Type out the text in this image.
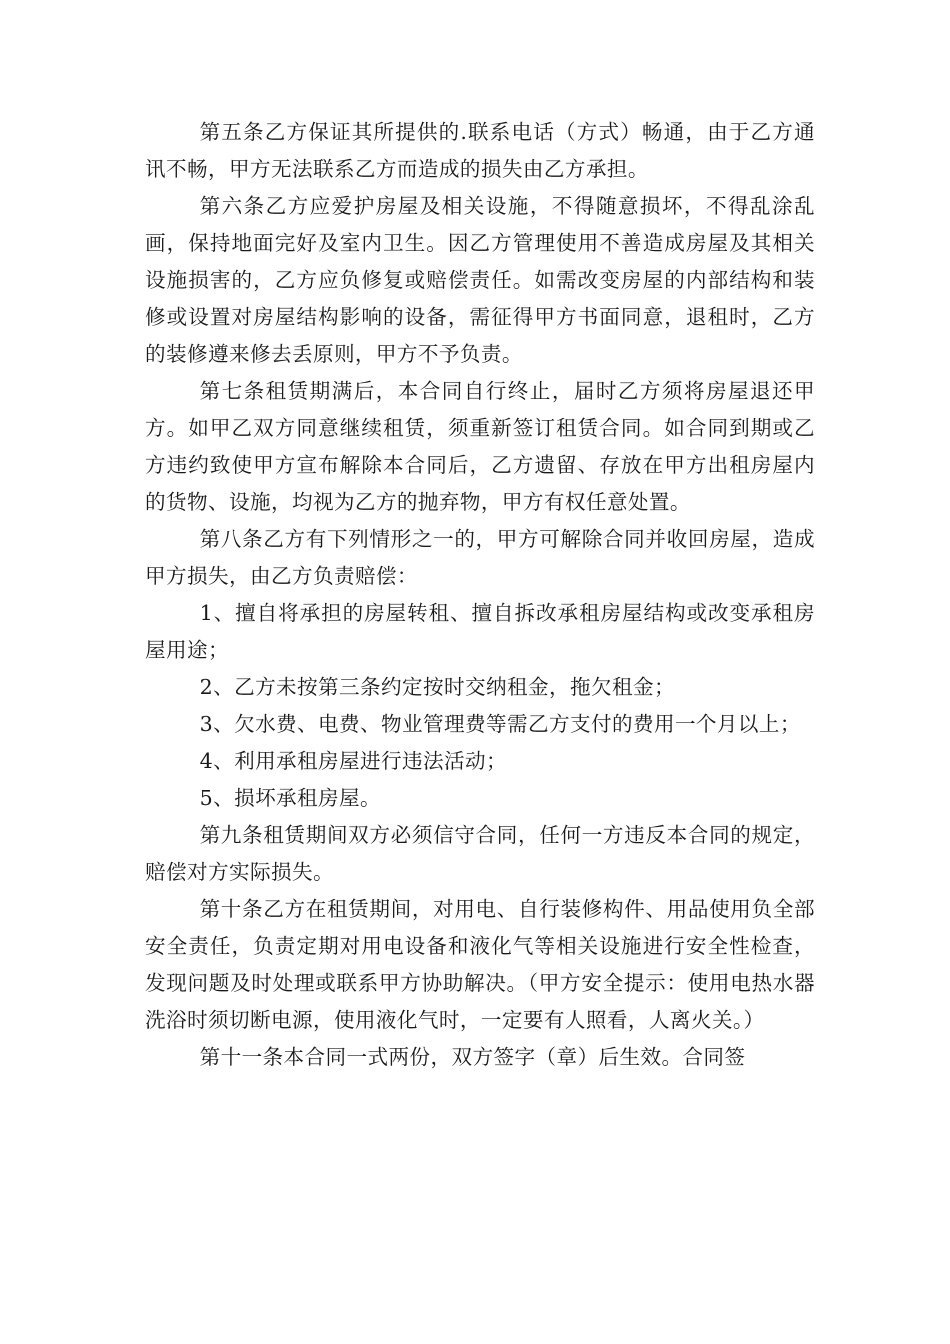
第五条乙方保证其所提供的.联系电话（方式）畅通，由于乙方通讯不畅，甲方无法联系乙方而造成的损失由乙方承担。

第六条乙方应爱护房屋及相关设施，不得随意损坏，不得乱涂乱画，保持地面完好及室内卫生。因乙方管理使用不善造成房屋及其相关设施损害的，乙方应负修复或赔偿责任。如需改变房屋的内部结构和装修或设置对房屋结构影响的设备，需征得甲方书面同意，退租时，乙方的装修遵来修去丢原则，甲方不予负责。

第七条租赁期满后，本合同自行终止，届时乙方须将房屋退还甲方。如甲乙双方同意继续租赁，须重新签订租赁合同。如合同到期或乙方违约致使甲方宣布解除本合同后，乙方遗留、存放在甲方出租房屋内的货物、设施，均视为乙方的抛弃物，甲方有权任意处置。

第八条乙方有下列情形之一的，甲方可解除合同并收回房屋，造成甲方损失，由乙方负责赔偿：

1、擅自将承担的房屋转租、擅自拆改承租房屋结构或改变承租房屋用途；

2、乙方未按第三条约定按时交纳租金，拖欠租金；

3、欠水费、电费、物业管理费等需乙方支付的费用一个月以上；

4、利用承租房屋进行违法活动；

5、损坏承租房屋。

第九条租赁期间双方必须信守合同，任何一方违反本合同的规定，赔偿对方实际损失。

第十条乙方在租赁期间，对用电、自行装修构件、用品使用负全部安全责任，负责定期对用电设备和液化气等相关设施进行安全性检查，发现问题及时处理或联系甲方协助解决。（甲方安全提示：使用电热水器洗浴时须切断电源，使用液化气时，一定要有人照看，人离火关。）

第十一条本合同一式两份，双方签字（章）后生效。合同签
